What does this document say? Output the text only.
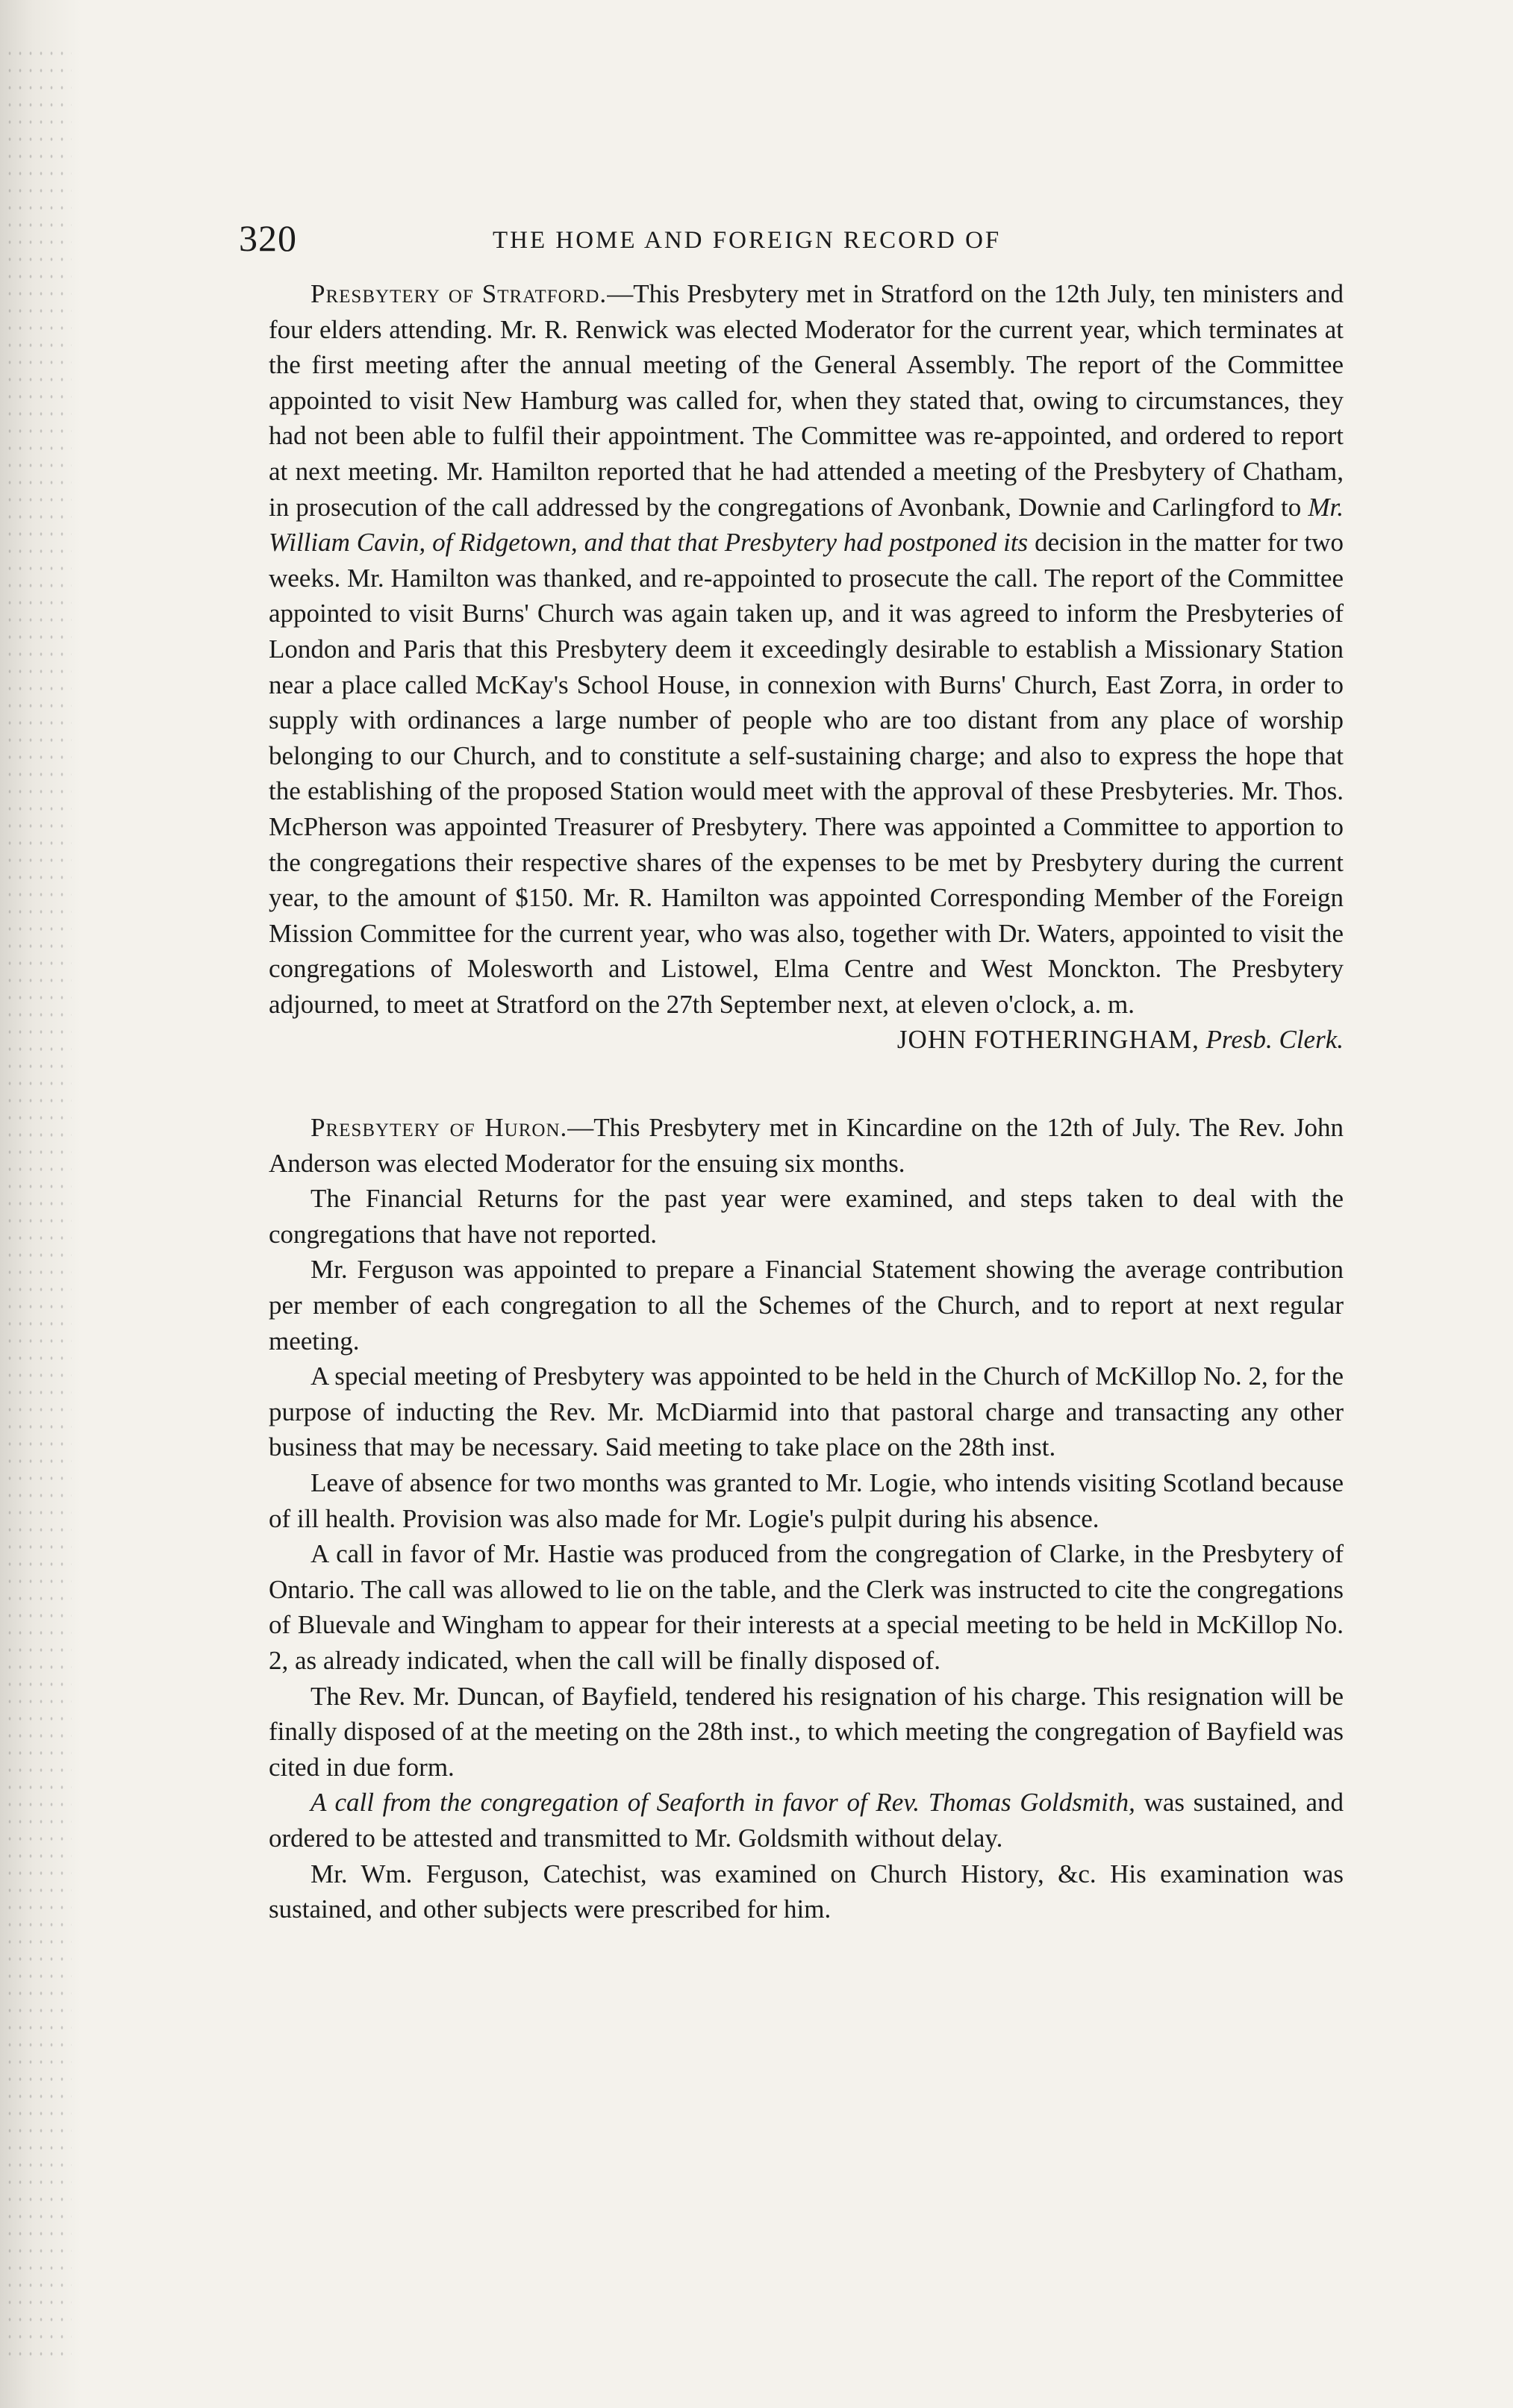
320	THE HOME AND FOREIGN RECORD OF

Presbytery of Stratford.—This Presbytery met in Stratford on the 12th July, ten ministers and four elders attending. Mr. R. Renwick was elected Moderator for the current year, which terminates at the first meeting after the annual meeting of the General Assembly. The report of the Committee appointed to visit New Hamburg was called for, when they stated that, owing to circumstances, they had not been able to fulfil their appointment. The Committee was re-appointed, and ordered to report at next meeting. Mr. Hamilton reported that he had attended a meeting of the Presbytery of Chatham, in prosecution of the call addressed by the congregations of Avonbank, Downie and Carlingford to Mr. William Cavin, of Ridgetown, and that that Presbytery had postponed its decision in the matter for two weeks. Mr. Hamilton was thanked, and re-appointed to prosecute the call. The report of the Committee appointed to visit Burns' Church was again taken up, and it was agreed to inform the Presbyteries of London and Paris that this Presbytery deem it exceedingly desirable to establish a Missionary Station near a place called McKay's School House, in connexion with Burns' Church, East Zorra, in order to supply with ordinances a large number of people who are too distant from any place of worship belonging to our Church, and to constitute a self-sustaining charge; and also to express the hope that the establishing of the proposed Station would meet with the approval of these Presbyteries. Mr. Thos. McPherson was appointed Treasurer of Presbytery. There was appointed a Committee to apportion to the congregations their respective shares of the expenses to be met by Presbytery during the current year, to the amount of $150. Mr. R. Hamilton was appointed Corresponding Member of the Foreign Mission Committee for the current year, who was also, together with Dr. Waters, appointed to visit the congregations of Molesworth and Listowel, Elma Centre and West Monckton. The Presbytery adjourned, to meet at Stratford on the 27th September next, at eleven o'clock, a. m.

JOHN FOTHERINGHAM, Presb. Clerk.

Presbytery of Huron.—This Presbytery met in Kincardine on the 12th of July. The Rev. John Anderson was elected Moderator for the ensuing six months.

The Financial Returns for the past year were examined, and steps taken to deal with the congregations that have not reported.

Mr. Ferguson was appointed to prepare a Financial Statement showing the average contribution per member of each congregation to all the Schemes of the Church, and to report at next regular meeting.

A special meeting of Presbytery was appointed to be held in the Church of McKillop No. 2, for the purpose of inducting the Rev. Mr. McDiarmid into that pastoral charge and transacting any other business that may be necessary. Said meeting to take place on the 28th inst.

Leave of absence for two months was granted to Mr. Logie, who intends visiting Scotland because of ill health. Provision was also made for Mr. Logie's pulpit during his absence.

A call in favor of Mr. Hastie was produced from the congregation of Clarke, in the Presbytery of Ontario. The call was allowed to lie on the table, and the Clerk was instructed to cite the congregations of Bluevale and Wingham to appear for their interests at a special meeting to be held in McKillop No. 2, as already indicated, when the call will be finally disposed of.

The Rev. Mr. Duncan, of Bayfield, tendered his resignation of his charge. This resignation will be finally disposed of at the meeting on the 28th inst., to which meeting the congregation of Bayfield was cited in due form.

A call from the congregation of Seaforth in favor of Rev. Thomas Goldsmith, was sustained, and ordered to be attested and transmitted to Mr. Goldsmith without delay.

Mr. Wm. Ferguson, Catechist, was examined on Church History, &c. His examination was sustained, and other subjects were prescribed for him.
